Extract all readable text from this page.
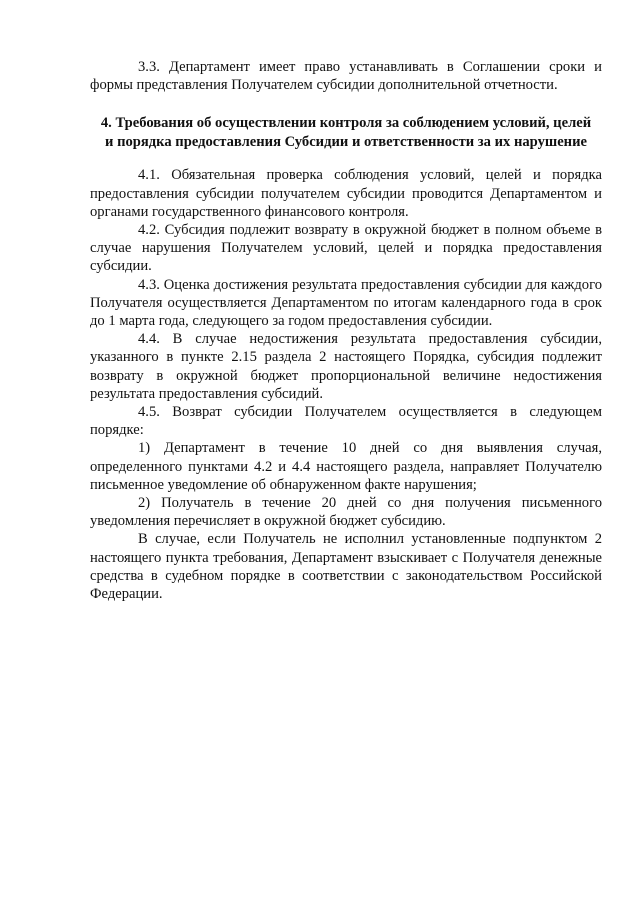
3.3. Департамент имеет право устанавливать в Соглашении сроки и формы представления Получателем субсидии дополнительной отчетности.

4. Требования об осуществлении контроля за соблюдением условий, целей
и порядка предоставления Субсидии и ответственности за их нарушение

4.1. Обязательная проверка соблюдения условий, целей и порядка предоставления субсидии получателем субсидии проводится Департаментом и органами государственного финансового контроля.

4.2. Субсидия подлежит возврату в окружной бюджет в полном объеме в случае нарушения Получателем условий, целей и порядка предоставления субсидии.

4.3. Оценка достижения результата предоставления субсидии для каждого Получателя осуществляется Департаментом по итогам календарного года в срок до 1 марта года, следующего за годом предоставления субсидии.

4.4. В случае недостижения результата предоставления субсидии, указанного в пункте 2.15 раздела 2 настоящего Порядка, субсидия подлежит возврату в окружной бюджет пропорциональной величине недостижения результата предоставления субсидий.

4.5. Возврат субсидии Получателем осуществляется в следующем порядке:

1) Департамент в течение 10 дней со дня выявления случая, определенного пунктами 4.2 и 4.4 настоящего раздела, направляет Получателю письменное уведомление об обнаруженном факте нарушения;

2) Получатель в течение 20 дней со дня получения письменного уведомления перечисляет в окружной бюджет субсидию.

В случае, если Получатель не исполнил установленные подпунктом 2 настоящего пункта требования, Департамент взыскивает с Получателя денежные средства в судебном порядке в соответствии с законодательством Российской Федерации.
